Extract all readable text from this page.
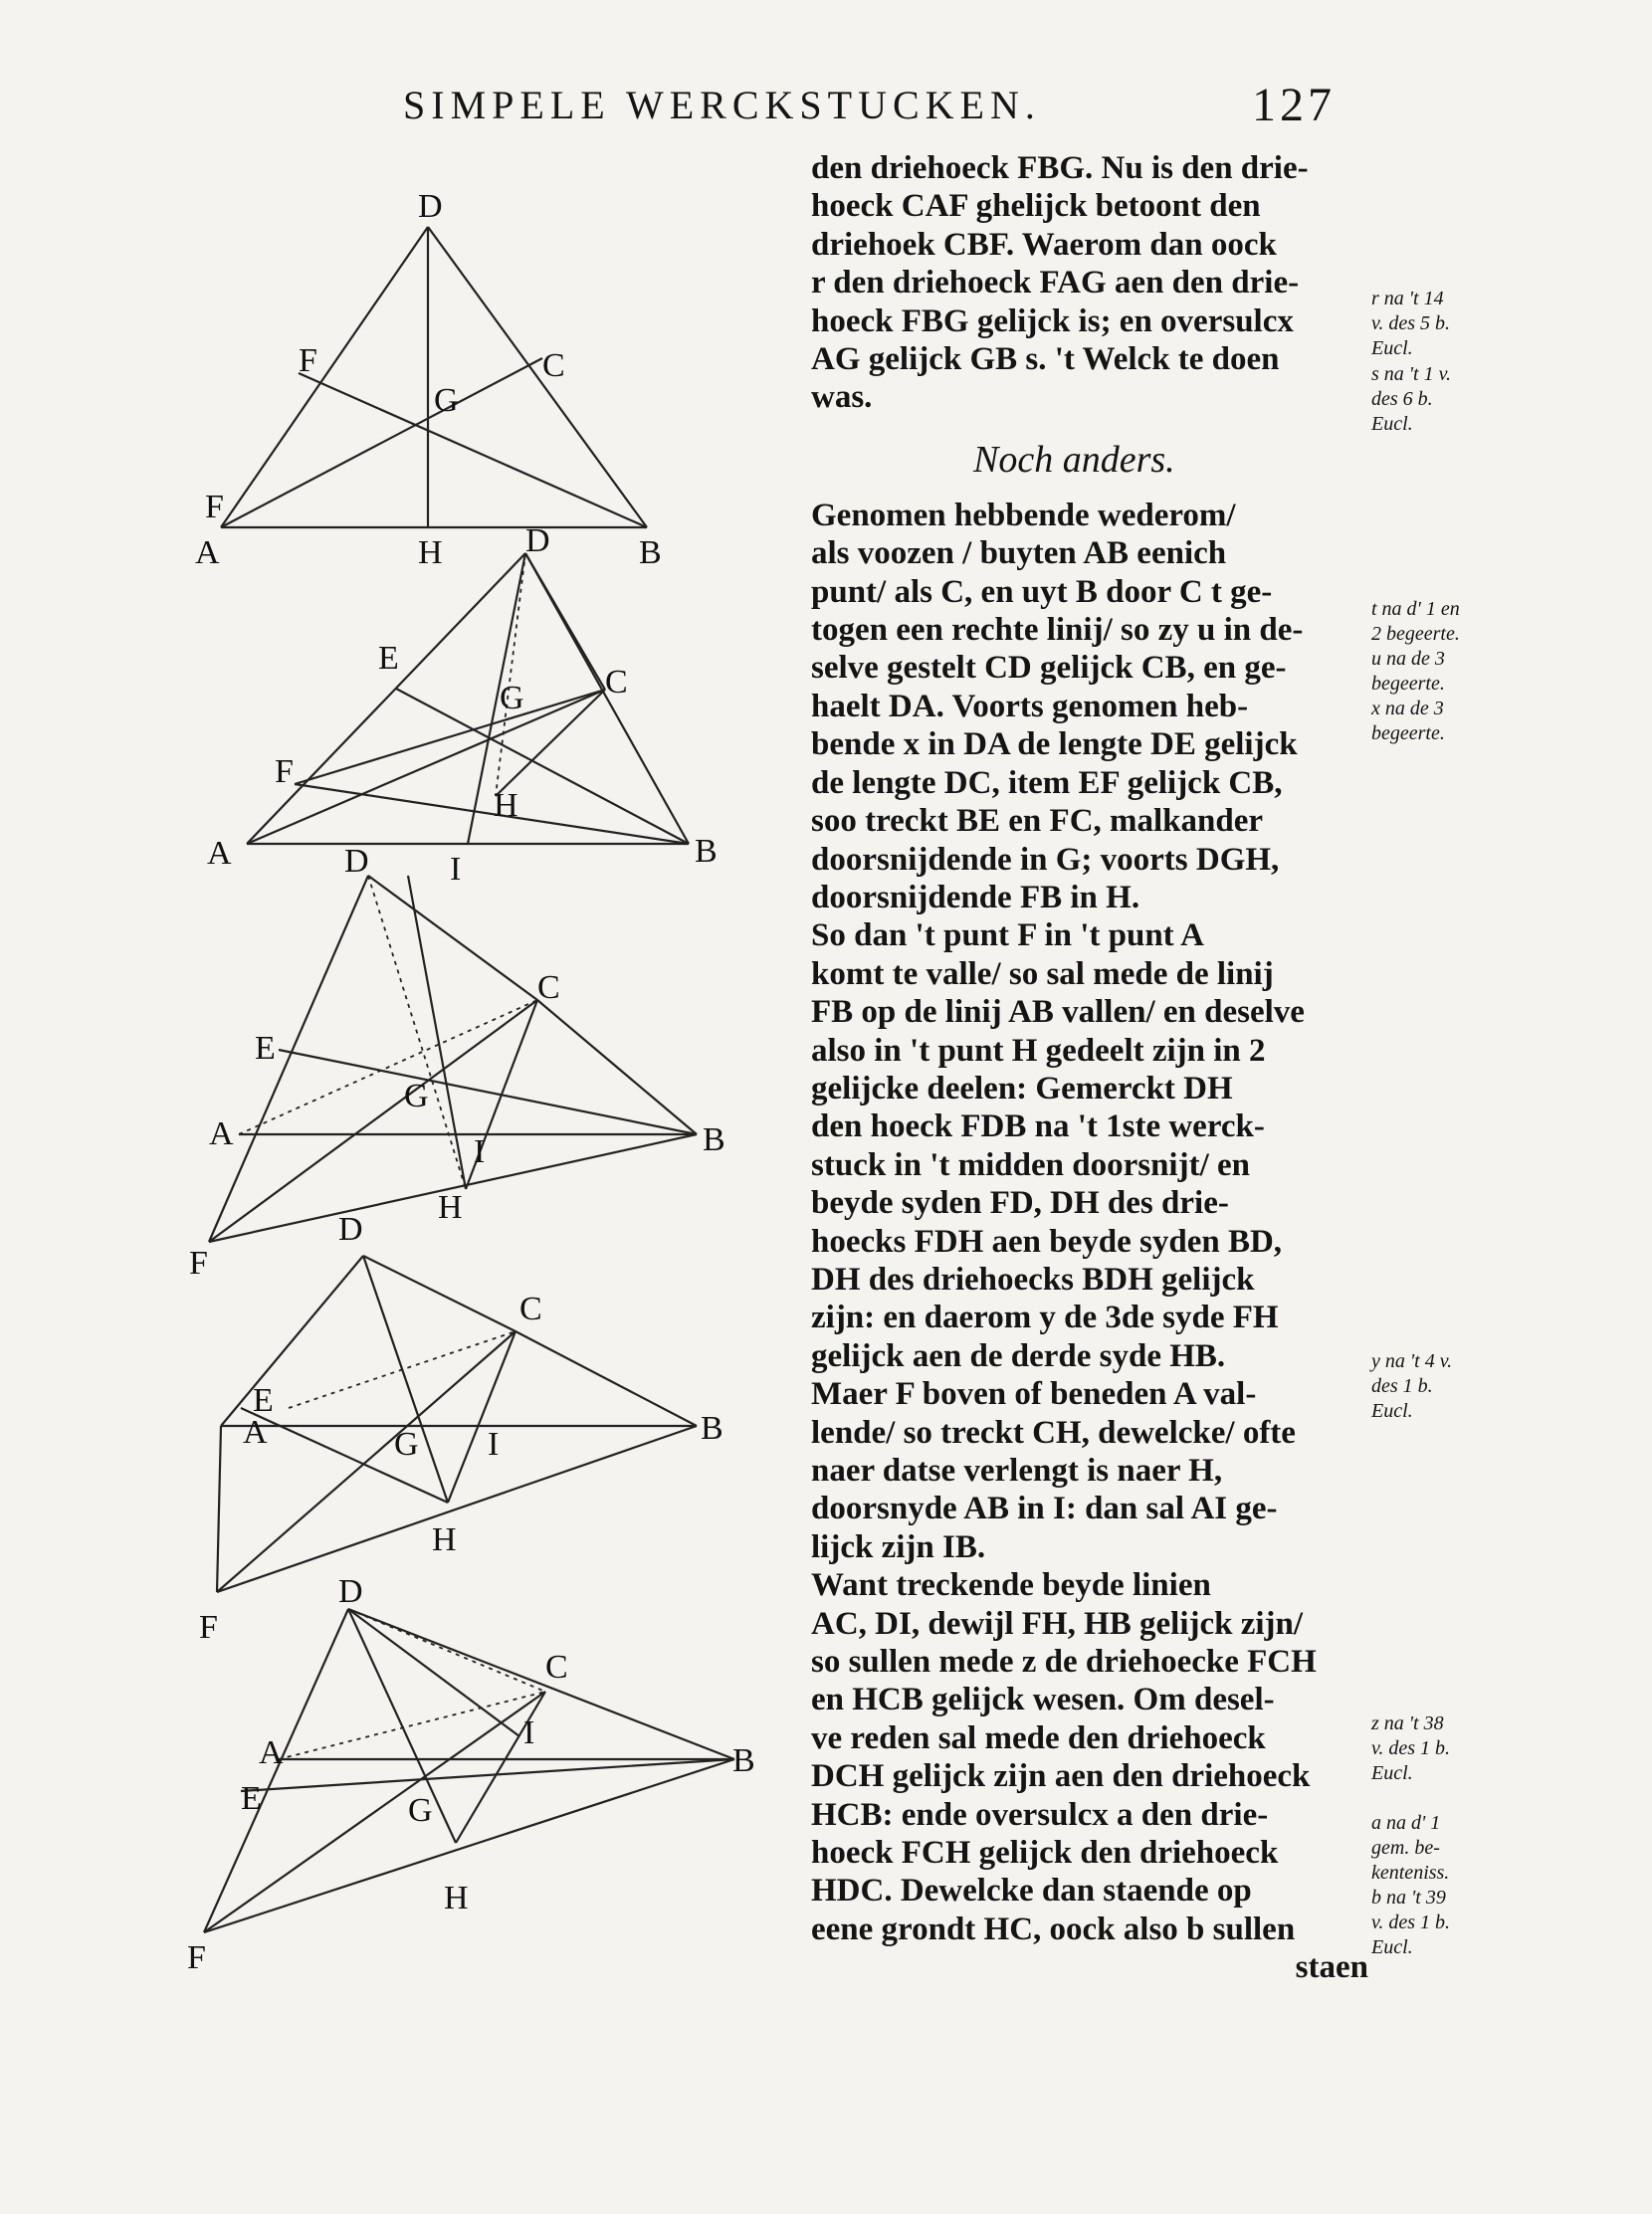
SIMPELE WERCKSTUCKEN.	127
D
F	C
G
F
A	H	B
D
E
G C
F
H
A	I	B
D
C
E
G
A	I	B
H
F
D
C
E
A	G I	B
H
F
D
C
I
A	B
E	G
H
F
den driehoeck FBG. Nu is den drie-
hoeck CAF ghelijck betoont den
driehoek CBF. Waerom dan oock
r den driehoeck FAG aen den drie-
hoeck FBG gelijck is; en oversulcx
AG gelijck GB s. 't Welck te doen
was.
Genomen hebbende wederom/
als voozen / buyten AB eenich
punt/ als C, en uyt B door C t ge-
togen een rechte linij/ so zy u in de-
selve gestelt CD gelijck CB, en ge-
haelt DA. Voorts genomen heb-
bende x in DA de lengte DE gelijck
de lengte DC, item EF gelijck CB,
soo treckt BE en FC, malkander
doorsnijdende in G; voorts DGH,
doorsnijdende FB in H.
So dan 't punt F in 't punt A
komt te valle/ so sal mede de linij
FB op de linij AB vallen/ en deselve
also in 't punt H gedeelt zijn in 2
gelijcke deelen: Gemerckt DH
den hoeck FDB na 't 1ste werck-
stuck in 't midden doorsnijt/ en
beyde syden FD, DH des drie-
hoecks FDH aen beyde syden BD,
DH des driehoecks BDH gelijck
zijn: en daerom y de 3de syde FH
gelijck aen de derde syde HB.
Maer F boven of beneden A val-
lende/ so treckt CH, dewelcke/ ofte
naer datse verlengt is naer H,
doorsnyde AB in I: dan sal AI ge-
lijck zijn IB.
Want treckende beyde linien
AC, DI, dewijl FH, HB gelijck zijn/
so sullen mede z de driehoecke FCH
en HCB gelijck wesen. Om desel-
ve reden sal mede den driehoeck
DCH gelijck zijn aen den driehoeck
HCB: ende oversulcx a den drie-
hoeck FCH gelijck den driehoeck
HDC. Dewelcke dan staende op
eene grondt HC, oock also b sullen
staen
Noch anders.
r na 't 14
v. des 5 b.
Eucl.
s na 't 1 v.
des 6 b.
Eucl.
t na d' 1 en
2 begeerte.
u na de 3
begeerte.
x na de 3
begeerte.
y na 't 4 v.
des 1 b.
Eucl.
z na 't 38
v. des 1 b.
Eucl.

a na d' 1
gem. be-
kenteniss.
b na 't 39
v. des 1 b.
Eucl.
